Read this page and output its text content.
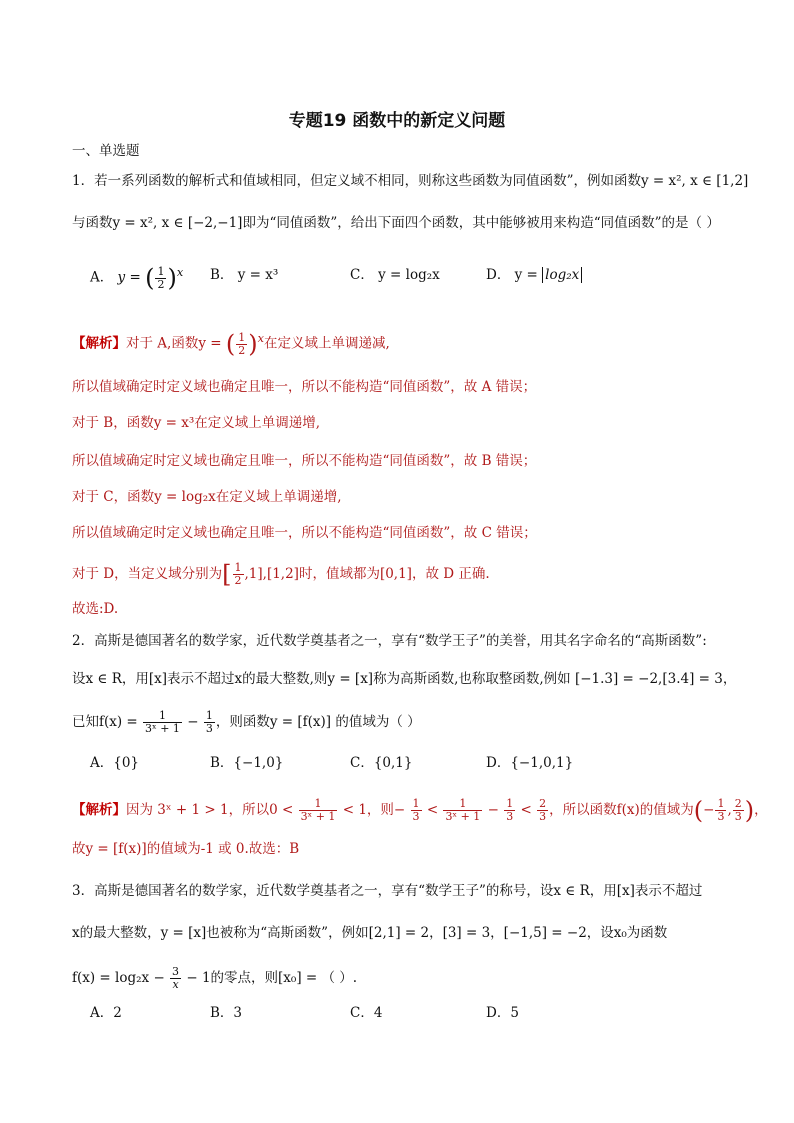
专题19 函数中的新定义问题
一、单选题
1．若一系列函数的解析式和值域相同，但定义域不相同，则称这些函数为同值函数”，例如函数y = x², x ∈ [1,2]
与函数y = x², x ∈ [−2,−1]即为“同值函数”，给出下面四个函数，其中能够被用来构造“同值函数”的是（ ）
A． y = ( $\frac{1}{2} )^x$ B． y = x³	C． y = log₂x	D． y = log₂x
【解析】对于 A,函数y = ( $\frac{1}{2} )^x$在定义域上单调递减,
所以值域确定时定义域也确定且唯一，所以不能构造“同值函数”，故 A 错误；
对于 B，函数y = x³在定义域上单调递增,
所以值域确定时定义域也确定且唯一，所以不能构造“同值函数”，故 B 错误；
对于 C，函数y = log₂x在定义域上单调递增,
所以值域确定时定义域也确定且唯一，所以不能构造“同值函数”，故 C 错误；
对于 D，当定义域分别为[ $\frac{1}{2} ,1],[1,2]$时，值域都为[0,1]，故 D 正确.
故选:D.
2．高斯是德国著名的数学家，近代数学奠基者之一，享有“数学王子”的美誉，用其名字命名的“高斯函数”:
设x ∈ R，用[x]表示不超过x的最大整数,则y = [x]称为高斯函数,也称取整函数,例如 [−1.3] = −2,[3.4] = 3，
已知$f(x) = \frac{1}{\text{3ˣ + 1}} - \frac{1}{3}$ ，则函数y = [f(x)] 的值域为（ ）
A．{0}	B．{−1,0}	C．{0,1}	D．{−1,0,1}
【解析】因为 3ˣ + 1 > 1，所以$0 < \frac{1}{\text{3ˣ + 1}} < 1$，则− $\frac{1}{3} < \frac{1}{\text{3ˣ + 1}} - \frac{1}{3} < \frac{2}{3}$ ，所以函数f(x)的值域为(− $\frac{1}{3}$ , $\frac{2}{3}$ )，
故y = [f(x)]的值域为-1 或 0.故选：B
3．高斯是德国著名的数学家，近代数学奠基者之一，享有“数学王子”的称号，设x ∈ R，用[x]表示不超过
x的最大整数，y = [x]也被称为“高斯函数”，例如[2,1] = 2，[3] = 3，[−1,5] = −2，设x₀为函数
$f(x) = \log_2x - \frac{3}{x} - 1$的零点，则[x₀] = （ ）.
A．2	B．3	C．4	D．5
